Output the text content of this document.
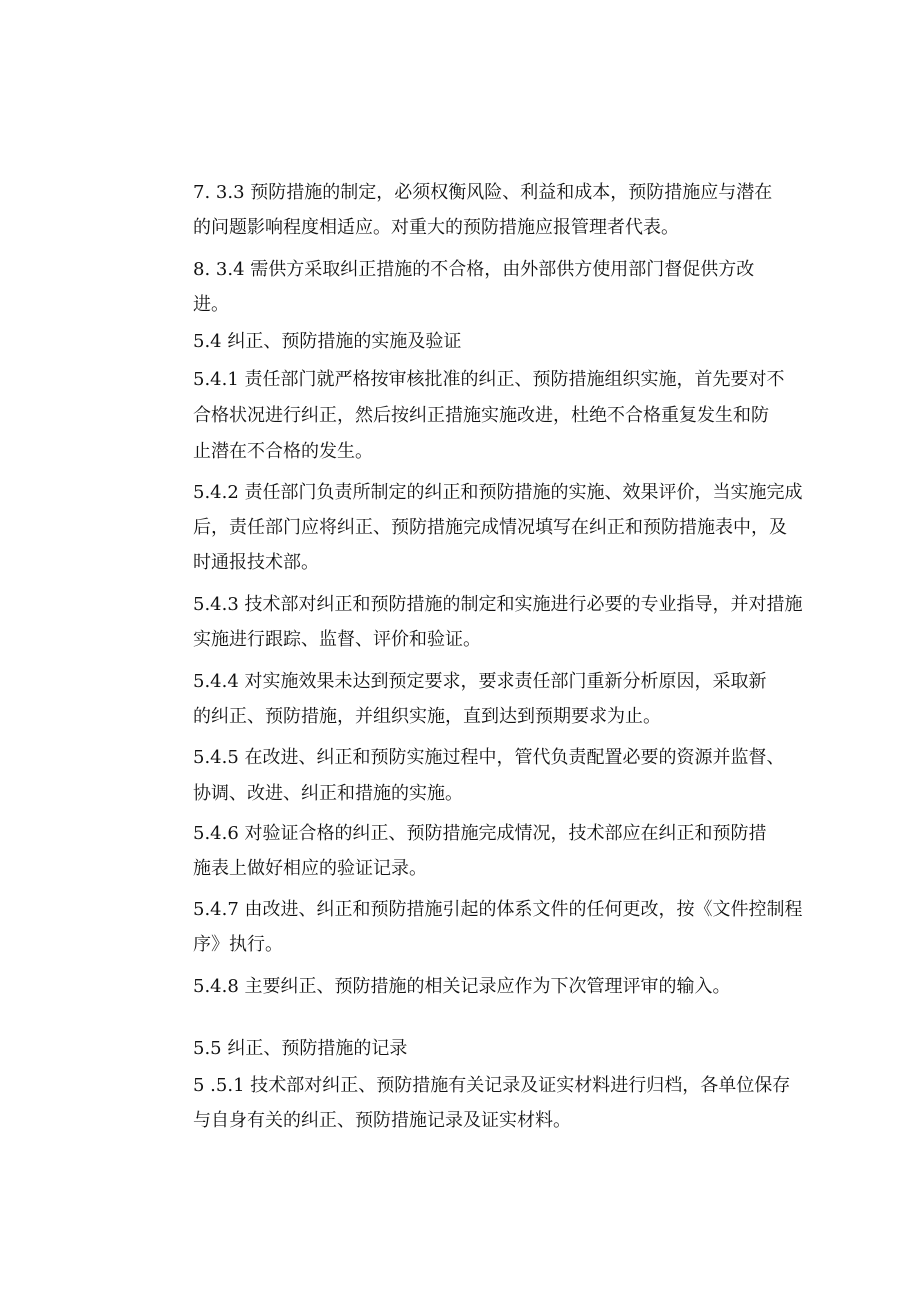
7. 3.3 预防措施的制定，必须权衡风险、利益和成本，预防措施应与潜在
的问题影响程度相适应。对重大的预防措施应报管理者代表。
8. 3.4 需供方采取纠正措施的不合格，由外部供方使用部门督促供方改
进。
5.4 纠正、预防措施的实施及验证
5.4.1 责任部门就严格按审核批准的纠正、预防措施组织实施，首先要对不
合格状况进行纠正，然后按纠正措施实施改进，杜绝不合格重复发生和防
止潜在不合格的发生。
5.4.2 责任部门负责所制定的纠正和预防措施的实施、效果评价，当实施完成
后，责任部门应将纠正、预防措施完成情况填写在纠正和预防措施表中，及
时通报技术部。
5.4.3 技术部对纠正和预防措施的制定和实施进行必要的专业指导，并对措施
实施进行跟踪、监督、评价和验证。
5.4.4 对实施效果未达到预定要求，要求责任部门重新分析原因，采取新
的纠正、预防措施，并组织实施，直到达到预期要求为止。
5.4.5 在改进、纠正和预防实施过程中，管代负责配置必要的资源并监督、
协调、改进、纠正和措施的实施。
5.4.6 对验证合格的纠正、预防措施完成情况，技术部应在纠正和预防措
施表上做好相应的验证记录。
5.4.7 由改进、纠正和预防措施引起的体系文件的任何更改，按《文件控制程
序》执行。
5.4.8 主要纠正、预防措施的相关记录应作为下次管理评审的输入。
5.5 纠正、预防措施的记录
5 .5.1 技术部对纠正、预防措施有关记录及证实材料进行归档，各单位保存
与自身有关的纠正、预防措施记录及证实材料。
